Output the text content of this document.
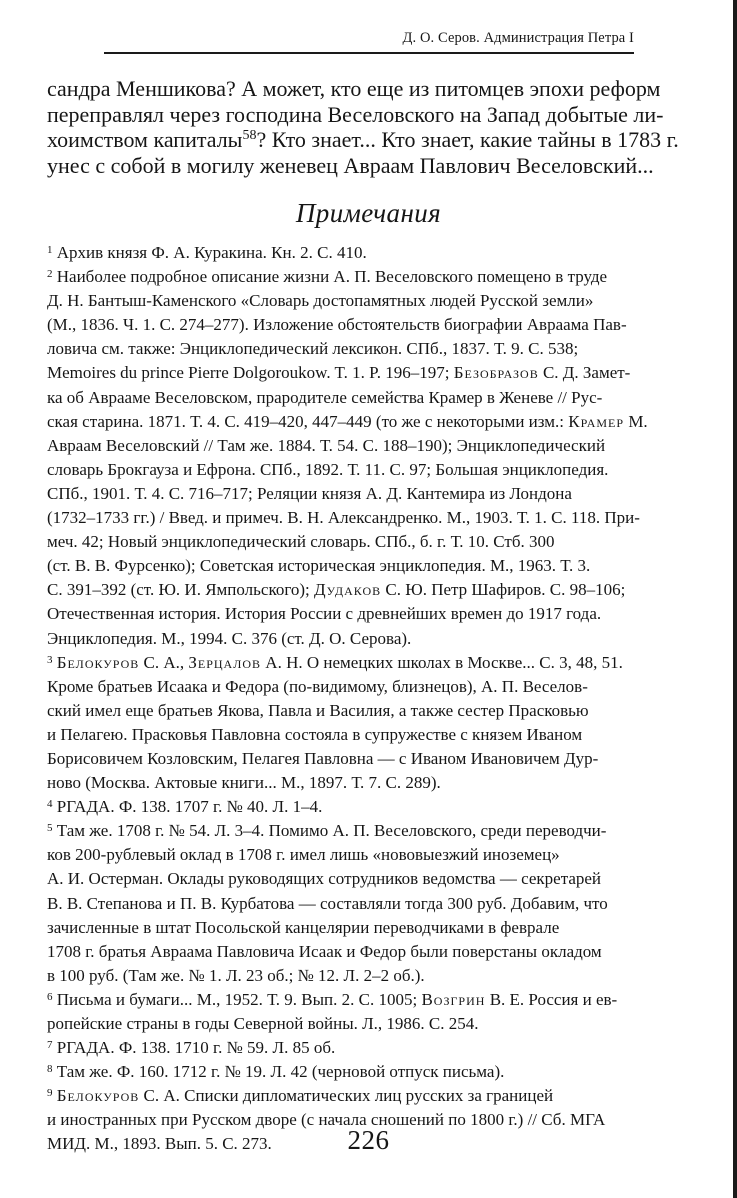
Д. О. Серов. Администрация Петра I
сандра Меншикова? А может, кто еще из питомцев эпохи реформ
переправлял через господина Веселовского на Запад добытые ли-
хоимством капиталы$^{58}$? Кто знает... Кто знает, какие тайны в 1783 г.
унес с собой в могилу женевец Авраам Павлович Веселовский...
Примечания
$^1$ Архив князя Ф. А. Куракина. Кн. 2. С. 410.
$^2$ Наиболее подробное описание жизни А. П. Веселовского помещено в труде
Д. Н. Бантыш-Каменского «Словарь достопамятных людей Русской земли»
(М., 1836. Ч. 1. С. 274–277). Изложение обстоятельств биографии Авраама Пав-
ловича см. также: Энциклопедический лексикон. СПб., 1837. Т. 9. С. 538;
Memoires du prince Pierre Dolgoroukow. T. 1. P. 196–197; Безобразов С. Д. Замет-
ка об Аврааме Веселовском, прародителе семейства Крамер в Женеве // Рус-
ская старина. 1871. Т. 4. С. 419–420, 447–449 (то же с некоторыми изм.: Крамер М.
Авраам Веселовский // Там же. 1884. Т. 54. С. 188–190); Энциклопедический
словарь Брокгауза и Ефрона. СПб., 1892. Т. 11. С. 97; Большая энциклопедия.
СПб., 1901. Т. 4. С. 716–717; Реляции князя А. Д. Кантемира из Лондона
(1732–1733 гг.) / Введ. и примеч. В. Н. Александренко. М., 1903. Т. 1. С. 118. При-
меч. 42; Новый энциклопедический словарь. СПб., б. г. Т. 10. Стб. 300
(ст. В. В. Фурсенко); Советская историческая энциклопедия. М., 1963. Т. 3.
С. 391–392 (ст. Ю. И. Ямпольского); Дудаков С. Ю. Петр Шафиров. С. 98–106;
Отечественная история. История России с древнейших времен до 1917 года.
Энциклопедия. М., 1994. С. 376 (ст. Д. О. Серова).
$^3$ Белокуров С. А., Зерцалов А. Н. О немецких школах в Москве... С. 3, 48, 51.
Кроме братьев Исаака и Федора (по-видимому, близнецов), А. П. Веселов-
ский имел еще братьев Якова, Павла и Василия, а также сестер Прасковью
и Пелагею. Прасковья Павловна состояла в супружестве с князем Иваном
Борисовичем Козловским, Пелагея Павловна — с Иваном Ивановичем Дур-
ново (Москва. Актовые книги... М., 1897. Т. 7. С. 289).
$^4$ РГАДА. Ф. 138. 1707 г. № 40. Л. 1–4.
$^5$ Там же. 1708 г. № 54. Л. 3–4. Помимо А. П. Веселовского, среди переводчи-
ков 200-рублевый оклад в 1708 г. имел лишь «нововыезжий иноземец»
А. И. Остерман. Оклады руководящих сотрудников ведомства — секретарей
В. В. Степанова и П. В. Курбатова — составляли тогда 300 руб. Добавим, что
зачисленные в штат Посольской канцелярии переводчиками в феврале
1708 г. братья Авраама Павловича Исаак и Федор были поверстаны окладом
в 100 руб. (Там же. № 1. Л. 23 об.; № 12. Л. 2–2 об.).
$^6$ Письма и бумаги... М., 1952. Т. 9. Вып. 2. С. 1005; Возгрин В. Е. Россия и ев-
ропейские страны в годы Северной войны. Л., 1986. С. 254.
$^7$ РГАДА. Ф. 138. 1710 г. № 59. Л. 85 об.
$^8$ Там же. Ф. 160. 1712 г. № 19. Л. 42 (черновой отпуск письма).
$^9$ Белокуров С. А. Списки дипломатических лиц русских за границей
и иностранных при Русском дворе (с начала сношений по 1800 г.) // Сб. МГА
МИД. М., 1893. Вып. 5. С. 273.	226
